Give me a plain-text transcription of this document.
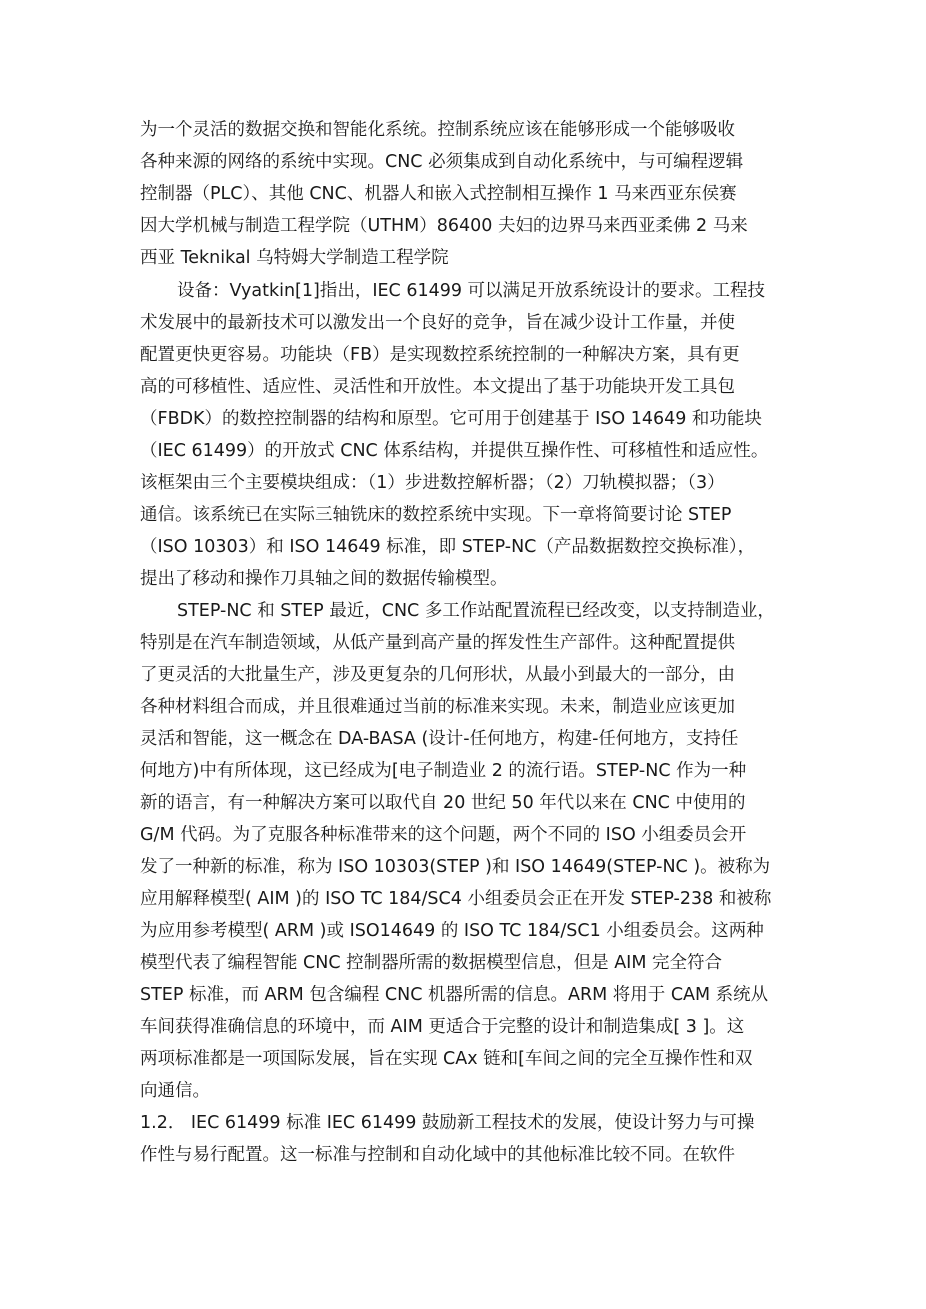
为一个灵活的数据交换和智能化系统。控制系统应该在能够形成一个能够吸收

各种来源的网络的系统中实现。CNC 必须集成到自动化系统中，与可编程逻辑

控制器（PLC）、其他 CNC、机器人和嵌入式控制相互操作 1 马来西亚东侯赛

因大学机械与制造工程学院（UTHM）86400 夫妇的边界马来西亚柔佛 2 马来

西亚 Teknikal 乌特姆大学制造工程学院

设备：Vyatkin[1]指出，IEC 61499 可以满足开放系统设计的要求。工程技

术发展中的最新技术可以激发出一个良好的竞争，旨在减少设计工作量，并使

配置更快更容易。功能块（FB）是实现数控系统控制的一种解决方案，具有更

高的可移植性、适应性、灵活性和开放性。本文提出了基于功能块开发工具包

（FBDK）的数控控制器的结构和原型。它可用于创建基于 ISO 14649 和功能块

（IEC 61499）的开放式 CNC 体系结构，并提供互操作性、可移植性和适应性。

该框架由三个主要模块组成：（1）步进数控解析器；（2）刀轨模拟器；（3）

通信。该系统已在实际三轴铣床的数控系统中实现。下一章将简要讨论 STEP

（ISO 10303）和 ISO 14649 标准，即 STEP-NC（产品数据数控交换标准），

提出了移动和操作刀具轴之间的数据传输模型。

STEP-NC 和 STEP 最近，CNC 多工作站配置流程已经改变，以支持制造业，

特别是在汽车制造领域，从低产量到高产量的挥发性生产部件。这种配置提供

了更灵活的大批量生产，涉及更复杂的几何形状，从最小到最大的一部分，由

各种材料组合而成，并且很难通过当前的标准来实现。未来，制造业应该更加

灵活和智能，这一概念在 DA-BASA (设计-任何地方，构建-任何地方，支持任

何地方)中有所体现，这已经成为[电子制造业 2 的流行语。STEP-NC 作为一种

新的语言，有一种解决方案可以取代自 20 世纪 50 年代以来在 CNC 中使用的

G/M 代码。为了克服各种标准带来的这个问题，两个不同的 ISO 小组委员会开

发了一种新的标准，称为 ISO 10303(STEP )和 ISO 14649(STEP-NC )。被称为

应用解释模型( AIM )的 ISO TC 184/SC4 小组委员会正在开发 STEP-238 和被称

为应用参考模型( ARM )或 ISO14649 的 ISO TC 184/SC1 小组委员会。这两种

模型代表了编程智能 CNC 控制器所需的数据模型信息，但是 AIM 完全符合

STEP 标准，而 ARM 包含编程 CNC 机器所需的信息。ARM 将用于 CAM 系统从

车间获得准确信息的环境中，而 AIM 更适合于完整的设计和制造集成[ 3 ]。这

两项标准都是一项国际发展，旨在实现 CAx 链和[车间之间的完全互操作性和双

向通信。

1.2． IEC 61499 标准 IEC 61499 鼓励新工程技术的发展，使设计努力与可操

作性与易行配置。这一标准与控制和自动化域中的其他标准比较不同。在软件
